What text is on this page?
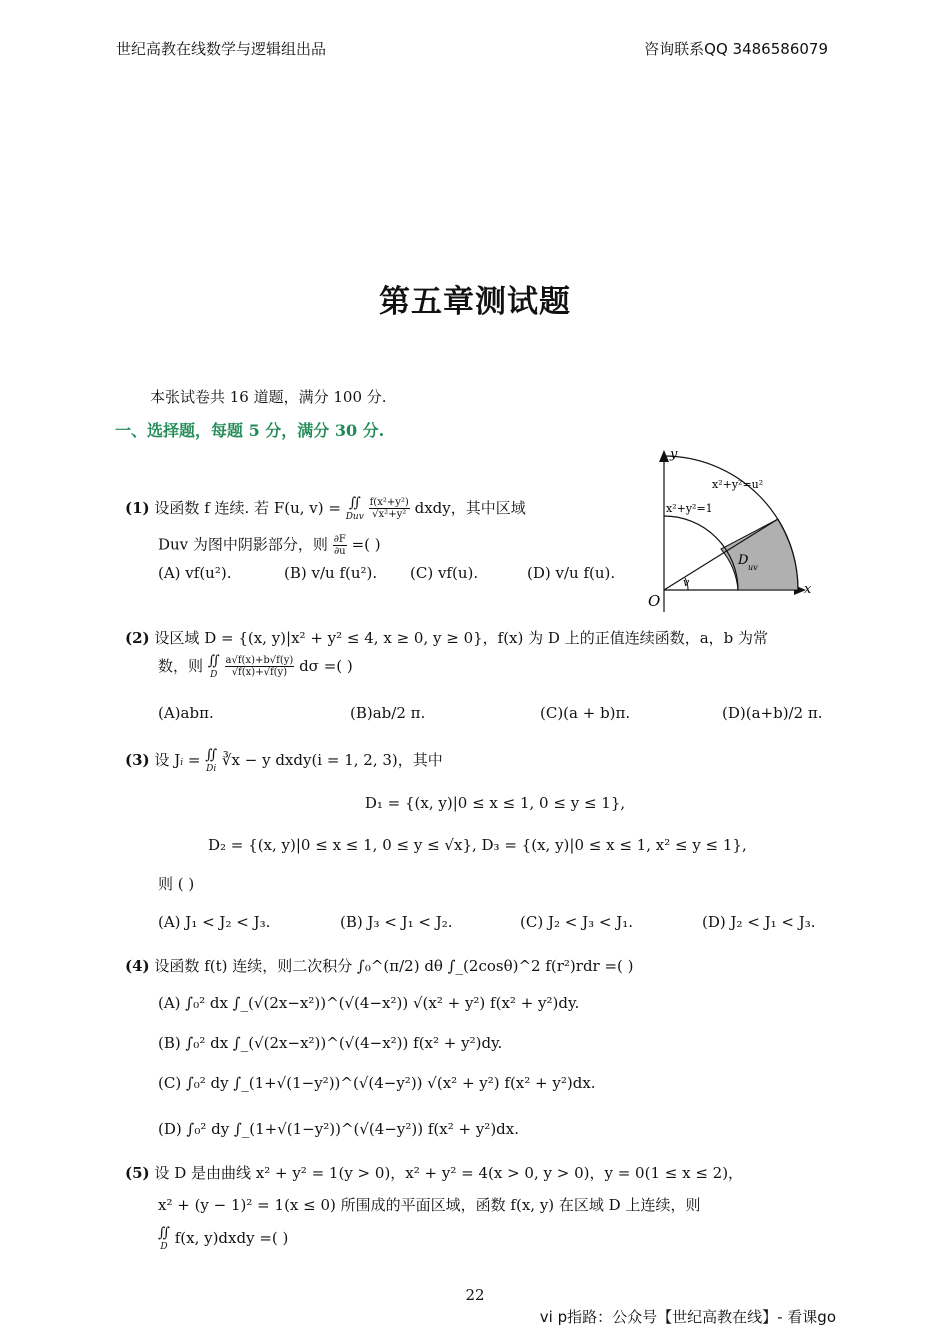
世纪高教在线数学与逻辑组出品	咨询联系QQ 3486586079
第五章测试题
本张试卷共 16 道题，满分 100 分.
一、选择题，每题 5 分，满分 30 分.
y
x
O
x²+y²=u²
x²+y²=1
D uv
v
(1) 设函数 f 连续. 若 F(u, v) = ∬
Duv
$\frac{\text{f(x²+y²)}}{\text{√x²+y²}}$ dxdy，其中区域
Duv 为图中阴影部分，则 $\frac{\partial F}{\partial u}$ =( )
(A) vf(u²).	(B) v/u f(u²). (C) vf(u).	(D) v/u f(u).
(2) 设区域 D = {(x, y)|x² + y² ≤ 4, x ≥ 0, y ≥ 0}，f(x) 为 D 上的正值连续函数，a，b 为常
数，则 ∬
D
$\frac{a√f(x)+b√f(y)}{√f(x)+√f(y)}$ dσ =( )
(A)abπ.	(B)ab/2 π.	(C)(a + b)π.	(D)(a+b)/2 π.
(3) 设 Ji = ∬
Di
∛x − y dxdy(i = 1, 2, 3)，其中
D₁ = {(x, y)|0 ≤ x ≤ 1, 0 ≤ y ≤ 1},
D₂ = {(x, y)|0 ≤ x ≤ 1, 0 ≤ y ≤ √x}, D₃ = {(x, y)|0 ≤ x ≤ 1, x² ≤ y ≤ 1},
则 ( )
(A) J₁ < J₂ < J₃.	(B) J₃ < J₁ < J₂.	(C) J₂ < J₃ < J₁.	(D) J₂ < J₁ < J₃.
(4) 设函数 f(t) 连续，则二次积分 ∫₀^(π/2) dθ ∫_(2cosθ)^2 f(r²)rdr =( )
(A) ∫₀² dx ∫_(√(2x−x²))^(√(4−x²)) √(x² + y²) f(x² + y²)dy.
(B) ∫₀² dx ∫_(√(2x−x²))^(√(4−x²)) f(x² + y²)dy.
(C) ∫₀² dy ∫_(1+√(1−y²))^(√(4−y²)) √(x² + y²) f(x² + y²)dx.
(D) ∫₀² dy ∫_(1+√(1−y²))^(√(4−y²)) f(x² + y²)dx.
(5) 设 D 是由曲线 x² + y² = 1(y > 0)，x² + y² = 4(x > 0, y > 0)，y = 0(1 ≤ x ≤ 2)，
x² + (y − 1)² = 1(x ≤ 0) 所围成的平面区域，函数 f(x, y) 在区域 D 上连续，则
∬
D
f(x, y)dxdy =( )
22
vi p指路：公众号【世纪高教在线】- 看课go
